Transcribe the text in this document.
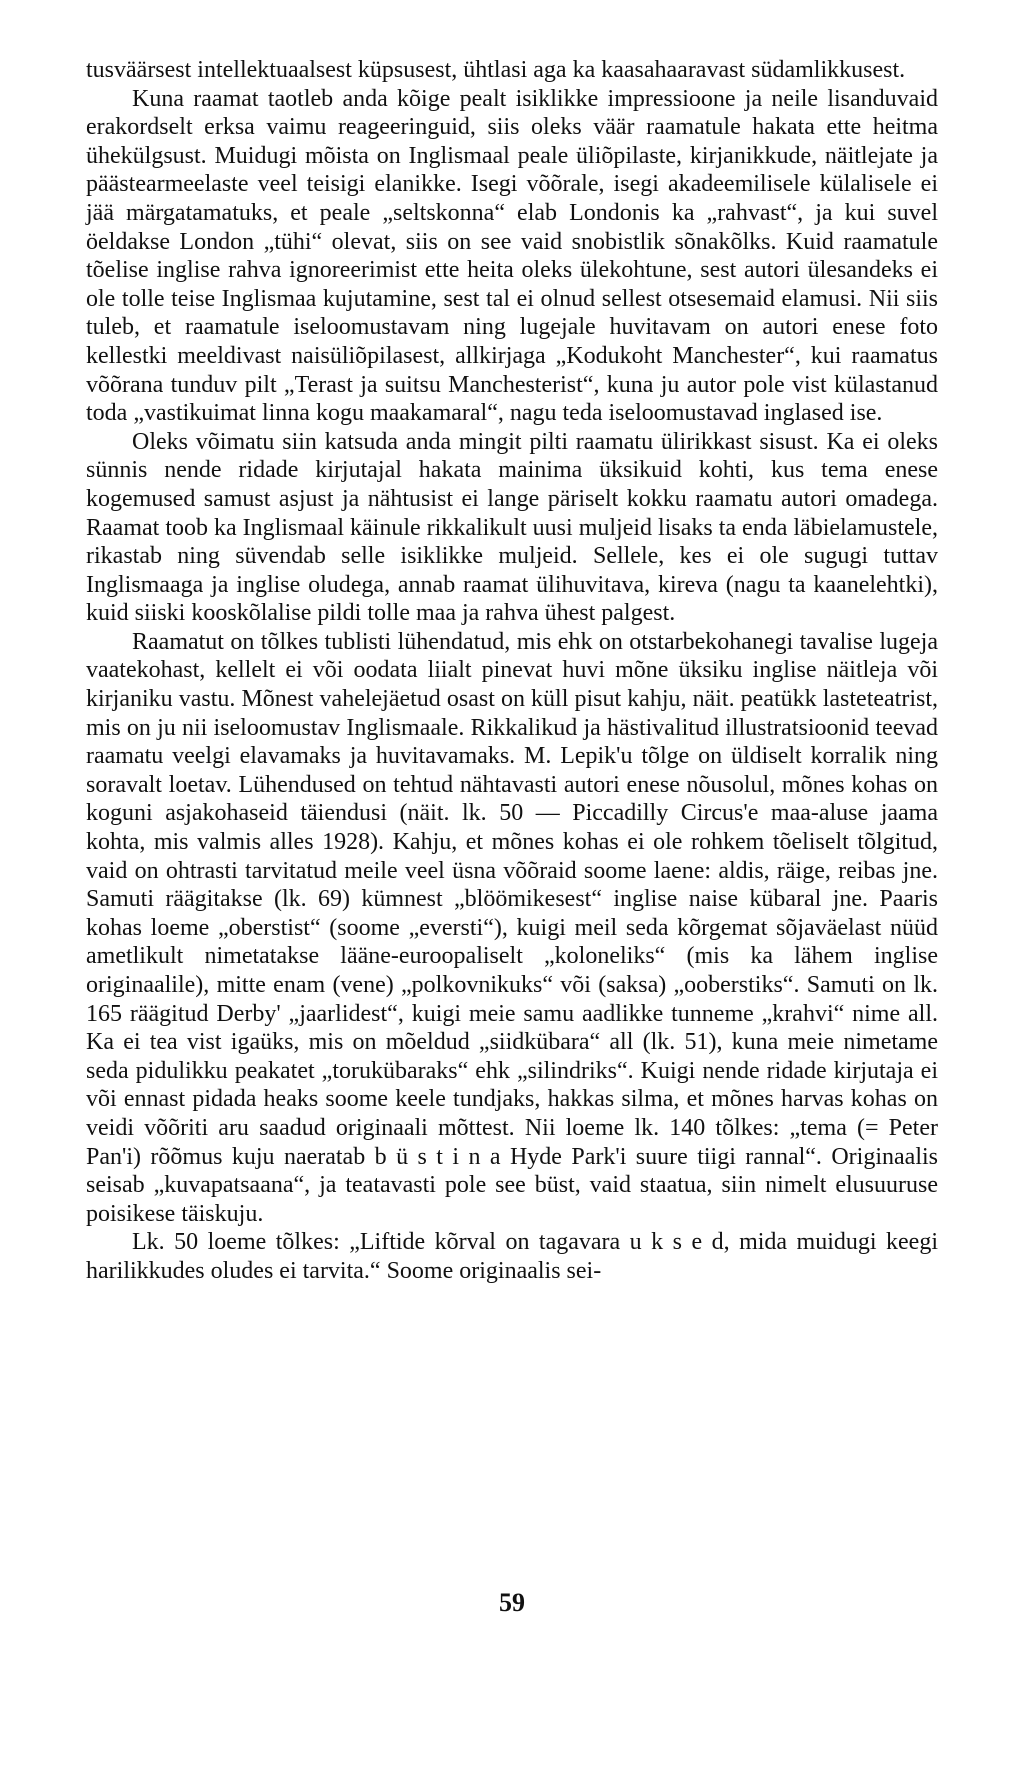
tusväärsest intellektuaalsest küpsusest, ühtlasi aga ka kaasahaaravast südamlikkusest.

Kuna raamat taotleb anda kõige pealt isiklikke impressioone ja neile lisanduvaid erakordselt erksa vaimu reageeringuid, siis oleks väär raamatule hakata ette heitma ühekülgsust. Muidugi mõista on Inglismaal peale üliõpilaste, kirjanikkude, näitlejate ja päästearmeelaste veel teisigi elanikke. Isegi võõrale, isegi akadeemilisele külalisele ei jää märgatamatuks, et peale „seltskonna“ elab Londonis ka „rahvast“, ja kui suvel öeldakse London „tühi“ olevat, siis on see vaid snobistlik sõnakõlks. Kuid raamatule tõelise inglise rahva ignoreerimist ette heita oleks ülekohtune, sest autori ülesandeks ei ole tolle teise Inglismaa kujutamine, sest tal ei olnud sellest otsesemaid elamusi. Nii siis tuleb, et raamatule iseloomustavam ning lugejale huvitavam on autori enese foto kellestki meeldivast naisüliõpilasest, allkirjaga „Kodukoht Manchester“, kui raamatus võõrana tunduv pilt „Terast ja suitsu Manchesterist“, kuna ju autor pole vist külastanud toda „vastikuimat linna kogu maakamaral“, nagu teda iseloomustavad inglased ise.

Oleks võimatu siin katsuda anda mingit pilti raamatu ülirikkast sisust. Ka ei oleks sünnis nende ridade kirjutajal hakata mainima üksikuid kohti, kus tema enese kogemused samust asjust ja nähtusist ei lange päriselt kokku raamatu autori omadega. Raamat toob ka Inglismaal käinule rikkalikult uusi muljeid lisaks ta enda läbielamustele, rikastab ning süvendab selle isiklikke muljeid. Sellele, kes ei ole sugugi tuttav Inglismaaga ja inglise oludega, annab raamat ülihuvitava, kireva (nagu ta kaanelehtki), kuid siiski kooskõlalise pildi tolle maa ja rahva ühest palgest.

Raamatut on tõlkes tublisti lühendatud, mis ehk on otstarbekohanegi tavalise lugeja vaatekohast, kellelt ei või oodata liialt pinevat huvi mõne üksiku inglise näitleja või kirjaniku vastu. Mõnest vahelejäetud osast on küll pisut kahju, näit. peatükk lasteteatrist, mis on ju nii iseloomustav Inglismaale. Rikkalikud ja hästivalitud illustratsioonid teevad raamatu veelgi elavamaks ja huvitavamaks. M. Lepik'u tõlge on üldiselt korralik ning soravalt loetav. Lühendused on tehtud nähtavasti autori enese nõusolul, mõnes kohas on koguni asjakohaseid täiendusi (näit. lk. 50 — Piccadilly Circus'e maa-aluse jaama kohta, mis valmis alles 1928). Kahju, et mõnes kohas ei ole rohkem tõeliselt tõlgitud, vaid on ohtrasti tarvitatud meile veel üsna võõraid soome laene: aldis, räige, reibas jne. Samuti räägitakse (lk. 69) kümnest „blöömikesest“ inglise naise kübaral jne. Paaris kohas loeme „oberstist“ (soome „eversti“), kuigi meil seda kõrgemat sõjaväelast nüüd ametlikult nimetatakse lääne-euroopaliselt „koloneliks“ (mis ka lähem inglise originaalile), mitte enam (vene) „polkovnikuks“ või (saksa) „ooberstiks“. Samuti on lk. 165 räägitud Derby' „jaarlidest“, kuigi meie samu aadlikke tunneme „krahvi“ nime all. Ka ei tea vist igaüks, mis on mõeldud „siidkübara“ all (lk. 51), kuna meie nimetame seda pidulikku peakatet „torukübaraks“ ehk „silindriks“. Kuigi nende ridade kirjutaja ei või ennast pidada heaks soome keele tundjaks, hakkas silma, et mõnes harvas kohas on veidi võõriti aru saadud originaali mõttest. Nii loeme lk. 140 tõlkes: „tema (= Peter Pan'i) rõõmus kuju naeratab b ü s t i n a Hyde Park'i suure tiigi rannal“. Originaalis seisab „kuvapatsaana“, ja teatavasti pole see büst, vaid staatua, siin nimelt elusuuruse poisikese täiskuju.

Lk. 50 loeme tõlkes: „Liftide kõrval on tagavara u k s e d, mida muidugi keegi harilikkudes oludes ei tarvita.“ Soome originaalis sei-

59
